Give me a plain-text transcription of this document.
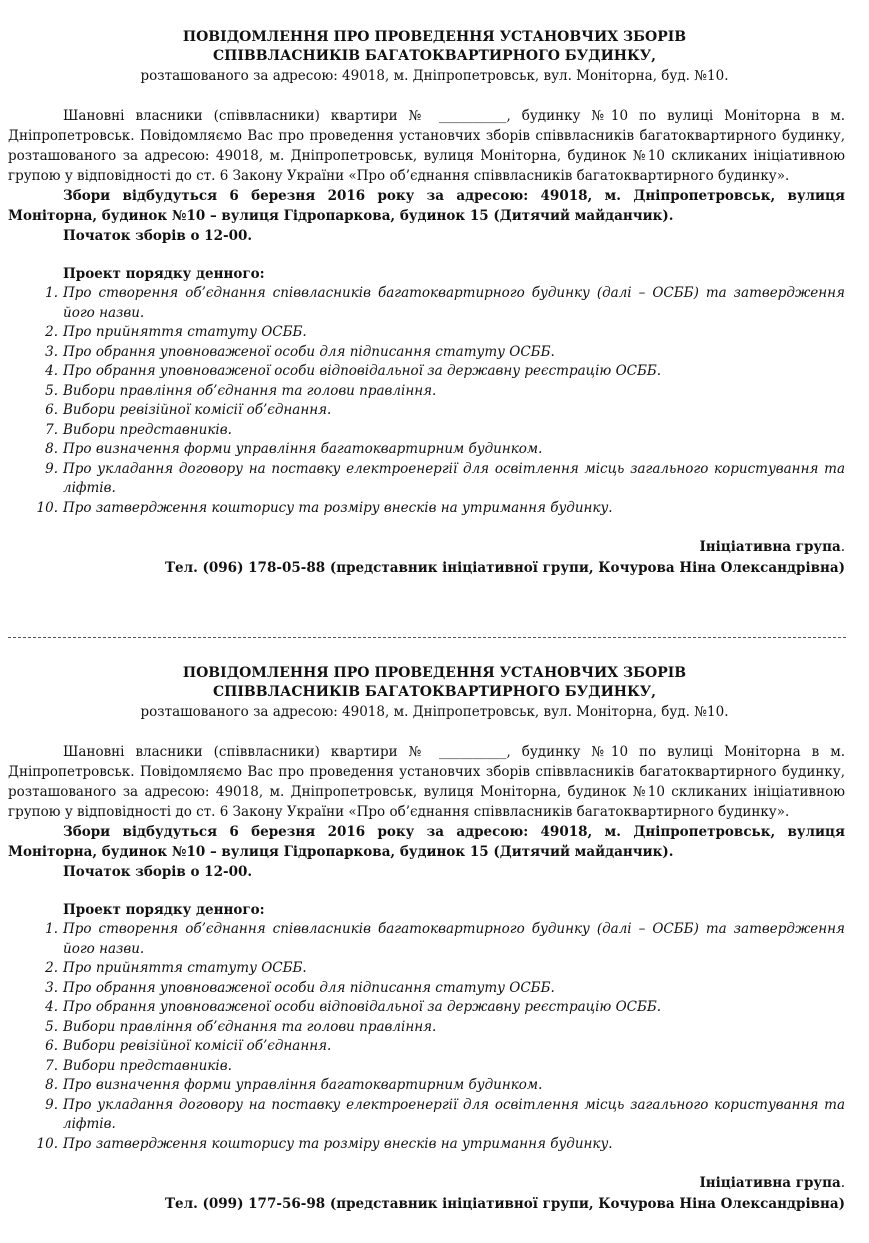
ПОВІДОМЛЕННЯ ПРО ПРОВЕДЕННЯ УСТАНОВЧИХ ЗБОРІВ
СПІВВЛАСНИКІВ БАГАТОКВАРТИРНОГО БУДИНКУ,
розташованого за адресою: 49018, м. Дніпропетровськ, вул. Моніторна, буд. №10.
Шановні власники (співвласники) квартири № __________, будинку №10 по вулиці Моніторна в м. Дніпропетровськ. Повідомляємо Вас про проведення установчих зборів співвласників багатоквартирного будинку, розташованого за адресою: 49018, м. Дніпропетровськ, вулиця Моніторна, будинок №10 скликаних ініціативною групою у відповідності до ст. 6 Закону України «Про об’єднання співвласників багатоквартирного будинку».
Збори відбудуться 6 березня 2016 року за адресою: 49018, м. Дніпропетровськ, вулиця Моніторна, будинок №10 – вулиця Гідропаркова, будинок 15 (Дитячий майданчик).
Початок зборів о 12-00.
Проект порядку денного:
1. Про створення об’єднання співвласників багатоквартирного будинку (далі – ОСББ) та затвердження його назви.
2. Про прийняття статуту ОСББ.
3. Про обрання уповноваженої особи для підписання статуту ОСББ.
4. Про обрання уповноваженої особи відповідальної за державну реєстрацію ОСББ.
5. Вибори правління об’єднання та голови правління.
6. Вибори ревізійної комісії об’єднання.
7. Вибори представників.
8. Про визначення форми управління багатоквартирним будинком.
9. Про укладання договору на поставку електроенергії для освітлення місць загального користування та ліфтів.
10. Про затвердження кошторису та розміру внесків на утримання будинку.
Ініціативна група.
Тел. (096) 178-05-88 (представник ініціативної групи, Кочурова Ніна Олександрівна)
ПОВІДОМЛЕННЯ ПРО ПРОВЕДЕННЯ УСТАНОВЧИХ ЗБОРІВ
СПІВВЛАСНИКІВ БАГАТОКВАРТИРНОГО БУДИНКУ,
розташованого за адресою: 49018, м. Дніпропетровськ, вул. Моніторна, буд. №10.
Шановні власники (співвласники) квартири № __________, будинку №10 по вулиці Моніторна в м. Дніпропетровськ. Повідомляємо Вас про проведення установчих зборів співвласників багатоквартирного будинку, розташованого за адресою: 49018, м. Дніпропетровськ, вулиця Моніторна, будинок №10 скликаних ініціативною групою у відповідності до ст. 6 Закону України «Про об’єднання співвласників багатоквартирного будинку».
Збори відбудуться 6 березня 2016 року за адресою: 49018, м. Дніпропетровськ, вулиця Моніторна, будинок №10 – вулиця Гідропаркова, будинок 15 (Дитячий майданчик).
Початок зборів о 12-00.
Проект порядку денного:
1. Про створення об’єднання співвласників багатоквартирного будинку (далі – ОСББ) та затвердження його назви.
2. Про прийняття статуту ОСББ.
3. Про обрання уповноваженої особи для підписання статуту ОСББ.
4. Про обрання уповноваженої особи відповідальної за державну реєстрацію ОСББ.
5. Вибори правління об’єднання та голови правління.
6. Вибори ревізійної комісії об’єднання.
7. Вибори представників.
8. Про визначення форми управління багатоквартирним будинком.
9. Про укладання договору на поставку електроенергії для освітлення місць загального користування та ліфтів.
10. Про затвердження кошторису та розміру внесків на утримання будинку.
Ініціативна група.
Тел. (099) 177-56-98 (представник ініціативної групи, Кочурова Ніна Олександрівна)
